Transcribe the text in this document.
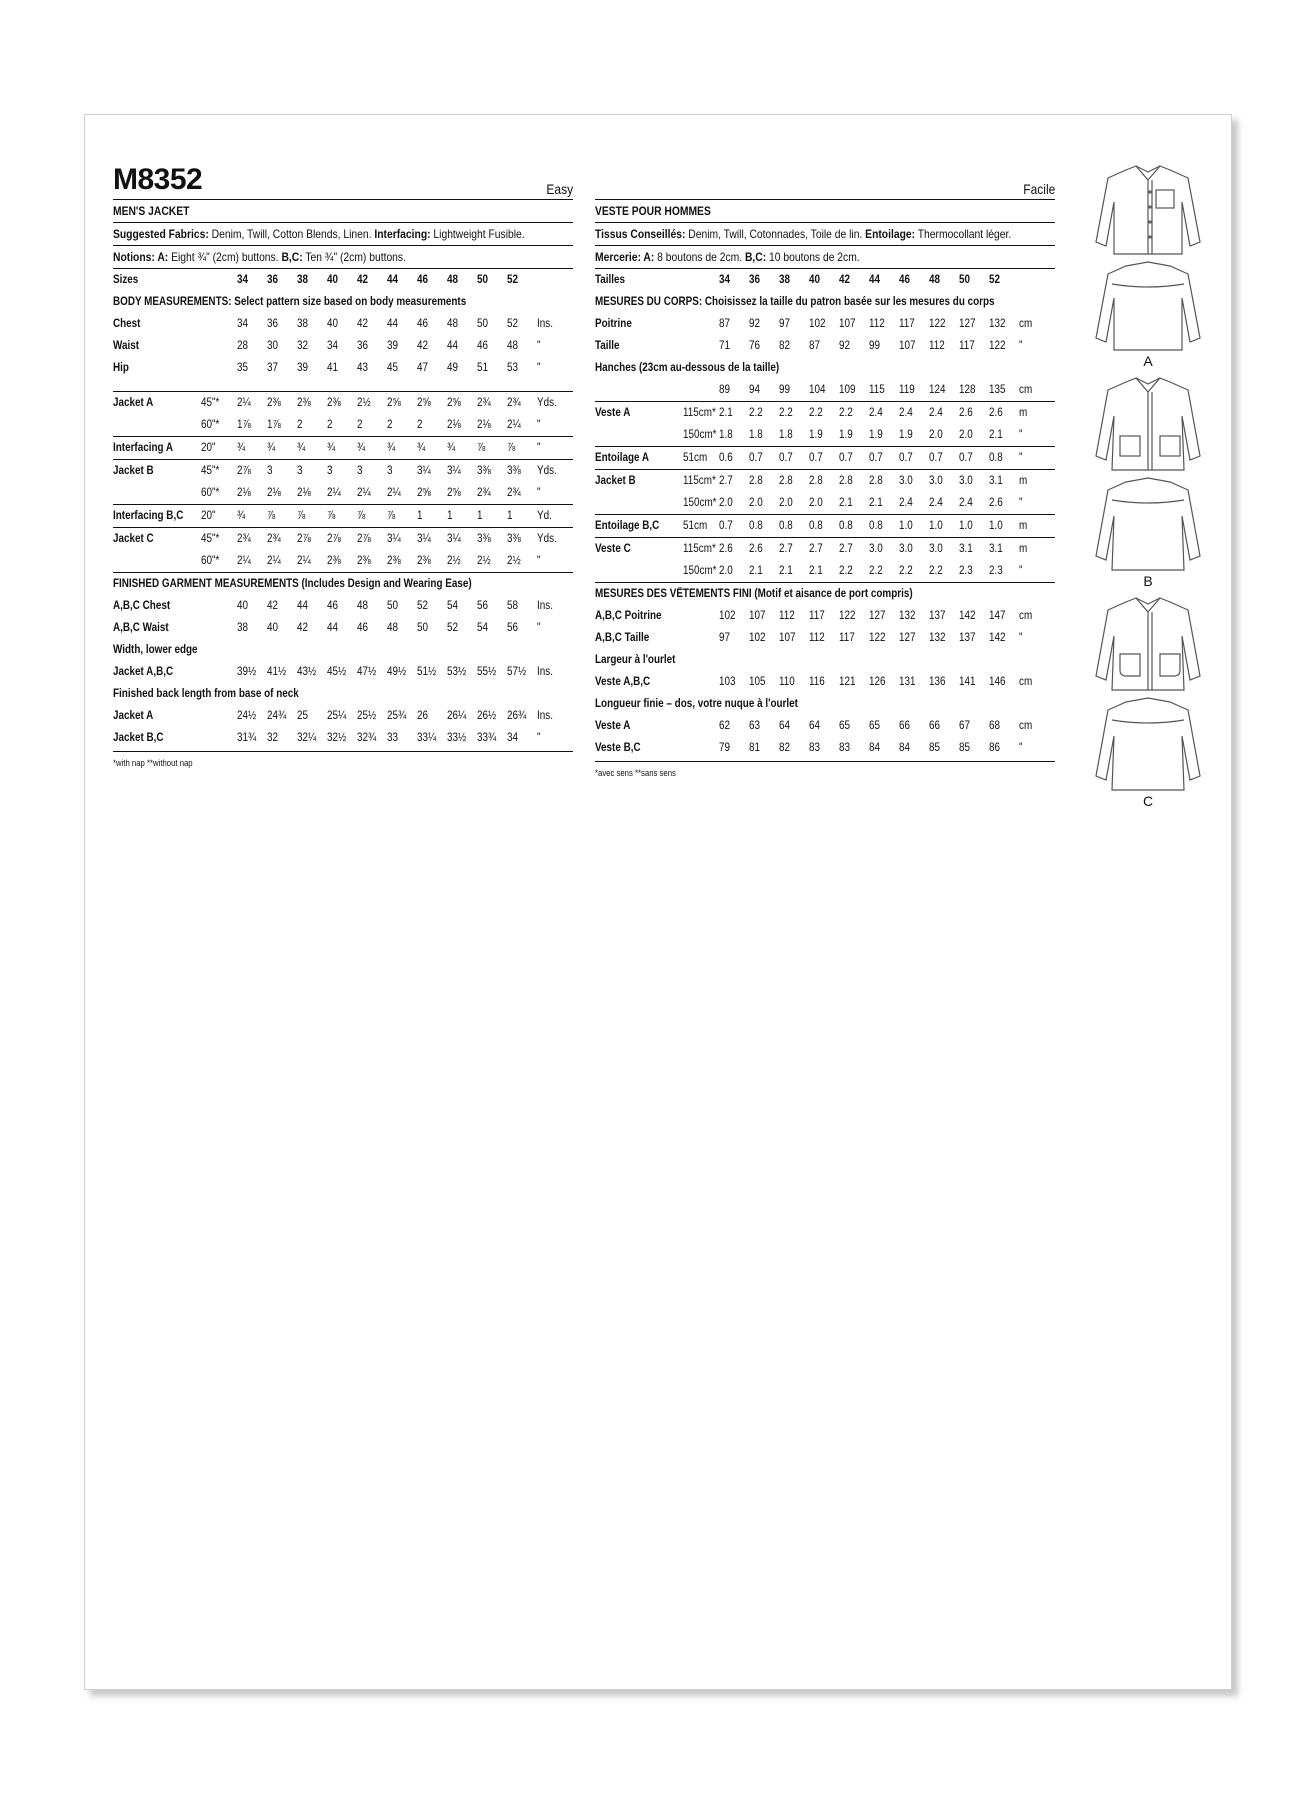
M8352	Easy
MEN'S JACKET
Suggested Fabrics: Denim, Twill, Cotton Blends, Linen. Interfacing: Lightweight Fusible.
Notions: A: Eight ¾" (2cm) buttons. B,C: Ten ¾" (2cm) buttons.
Sizes		34	36	38	40	42	44	46	48	50	52	
BODY MEASUREMENTS: Select pattern size based on body measurements												
Chest		34	36	38	40	42	44	46	48	50	52	Ins.
Waist		28	30	32	34	36	39	42	44	46	48	"
Hip		35	37	39	41	43	45	47	49	51	53	"

Jacket A	45"*	2¼	2⅜	2⅜	2⅜	2½	2⅝	2⅝	2⅝	2¾	2¾	Yds.
	60"*	1⅞	1⅞	2	2	2	2	2	2⅛	2⅛	2¼	"
Interfacing A	20"	¾	¾	¾	¾	¾	¾	¾	¾	⅞	⅞	"
Jacket B	45"*	2⅞	3	3	3	3	3	3¼	3¼	3⅜	3⅜	Yds.
	60"*	2⅛	2⅛	2⅛	2¼	2¼	2¼	2⅝	2⅝	2¾	2¾	"
Interfacing B,C	20"	¾	⅞	⅞	⅞	⅞	⅞	1	1	1	1	Yd.
Jacket C	45"*	2¾	2¾	2⅞	2⅞	2⅞	3¼	3¼	3¼	3⅜	3⅜	Yds.
	60"*	2¼	2¼	2¼	2⅜	2⅜	2⅜	2⅜	2½	2½	2½	"
FINISHED GARMENT MEASUREMENTS (Includes Design and Wearing Ease)												
A,B,C Chest		40	42	44	46	48	50	52	54	56	58	Ins.
A,B,C Waist		38	40	42	44	46	48	50	52	54	56	"
Width, lower edge												
Jacket A,B,C		39½	41½	43½	45½	47½	49½	51½	53½	55½	57½	Ins.
Finished back length from base of neck												
Jacket A		24½	24¾	25	25¼	25½	25¾	26	26¼	26½	26¾	Ins.
Jacket B,C		31¾	32	32¼	32½	32¾	33	33¼	33½	33¾	34	"
*with nap **without nap
Facile
VESTE POUR HOMMES
Tissus Conseillés: Denim, Twill, Cotonnades, Toile de lin. Entoilage: Thermocollant léger.
Mercerie: A: 8 boutons de 2cm. B,C: 10 boutons de 2cm.
Tailles		34	36	38	40	42	44	46	48	50	52	
MESURES DU CORPS: Choisissez la taille du patron basée sur les mesures du corps												
Poitrine		87	92	97	102	107	112	117	122	127	132	cm
Taille		71	76	82	87	92	99	107	112	117	122	"
Hanches (23cm au-dessous de la taille)												
		89	94	99	104	109	115	119	124	128	135	cm
Veste A	115cm*	2.1	2.2	2.2	2.2	2.2	2.4	2.4	2.4	2.6	2.6	m
	150cm*	1.8	1.8	1.8	1.9	1.9	1.9	1.9	2.0	2.0	2.1	"
Entoilage A	51cm	0.6	0.7	0.7	0.7	0.7	0.7	0.7	0.7	0.7	0.8	"
Jacket B	115cm*	2.7	2.8	2.8	2.8	2.8	2.8	3.0	3.0	3.0	3.1	m
	150cm*	2.0	2.0	2.0	2.0	2.1	2.1	2.4	2.4	2.4	2.6	"
Entoilage B,C	51cm	0.7	0.8	0.8	0.8	0.8	0.8	1.0	1.0	1.0	1.0	m
Veste C	115cm*	2.6	2.6	2.7	2.7	2.7	3.0	3.0	3.0	3.1	3.1	m
	150cm*	2.0	2.1	2.1	2.1	2.2	2.2	2.2	2.2	2.3	2.3	"
MESURES DES VÊTEMENTS FINI (Motif et aisance de port compris)												
A,B,C Poitrine		102	107	112	117	122	127	132	137	142	147	cm
A,B,C Taille		97	102	107	112	117	122	127	132	137	142	"
Largeur à l'ourlet												
Veste A,B,C		103	105	110	116	121	126	131	136	141	146	cm
Longueur finie – dos, votre nuque à l'ourlet												
Veste A		62	63	64	64	65	65	66	66	67	68	cm
Veste B,C		79	81	82	83	83	84	84	85	85	86	"
*avec sens **sans sens
A
B
C
